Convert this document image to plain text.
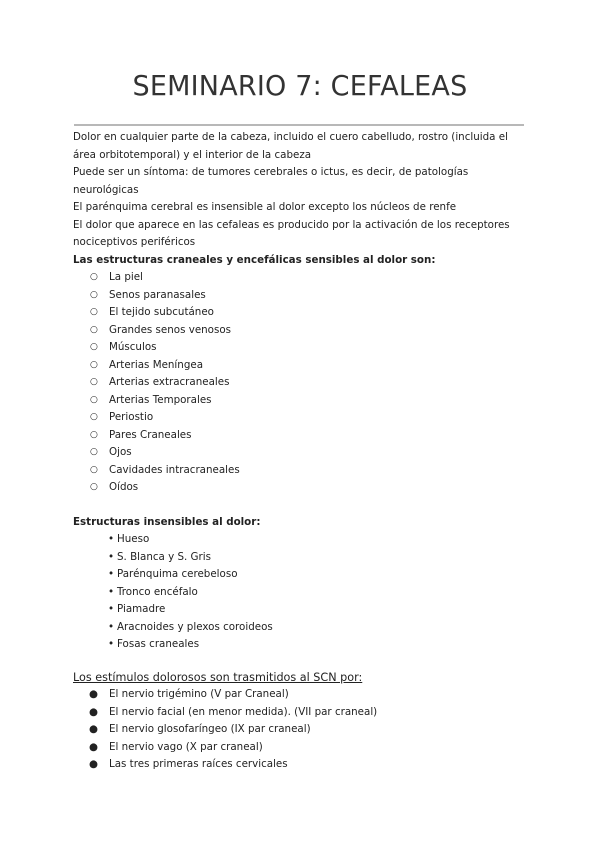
SEMINARIO 7: CEFALEAS

Dolor en cualquier parte de la cabeza, incluido el cuero cabelludo, rostro (incluida el área orbitotemporal) y el interior de la cabeza

Puede ser un síntoma: de tumores cerebrales o ictus, es decir, de patologías neurológicas

El parénquima cerebral es insensible al dolor excepto los núcleos de renfe

El dolor que aparece en las cefaleas es producido por la activación de los receptores nociceptivos periféricos

Las estructuras craneales y encefálicas sensibles al dolor son:

○ La piel
○ Senos paranasales
○ El tejido subcutáneo
○ Grandes senos venosos
○ Músculos
○ Arterias Meníngea
○ Arterias extracraneales
○ Arterias Temporales
○ Periostio
○ Pares Craneales
○ Ojos
○ Cavidades intracraneales
○ Oídos

Estructuras insensibles al dolor:

• Hueso
• S. Blanca y S. Gris
• Parénquima cerebeloso
• Tronco encéfalo
• Piamadre
• Aracnoides y plexos coroideos
• Fosas craneales

Los estímulos dolorosos son trasmitidos al SCN por:

● El nervio trigémino (V par Craneal)
● El nervio facial (en menor medida). (VII par craneal)
● El nervio glosofaríngeo (IX par craneal)
● El nervio vago (X par craneal)
● Las tres primeras raíces cervicales
